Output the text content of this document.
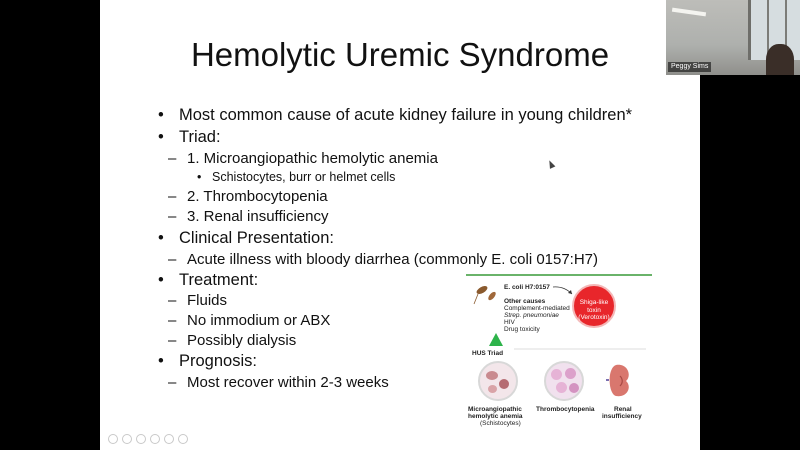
Hemolytic Uremic Syndrome
• Most common cause of acute kidney failure in young children*
• Triad:
– 1. Microangiopathic hemolytic anemia
• Schistocytes, burr or helmet cells
– 2. Thrombocytopenia
– 3. Renal insufficiency
• Clinical Presentation:
– Acute illness with bloody diarrhea (commonly E. coli 0157:H7)
• Treatment:
– Fluids
– No immodium or ABX
– Possibly dialysis
• Prognosis:
– Most recover within 2-3 weeks
E. coli H7:0157
Other causes
Complement-mediated
Strep. pneumoniae
HIV
Drug toxicity
Shiga-like
toxin
(Verotoxin)
HUS Triad
Microangiopathic
hemolytic anemia
(Schistocytes)
Thrombocytopenia	Renal
insufficiency
Peggy Sims
